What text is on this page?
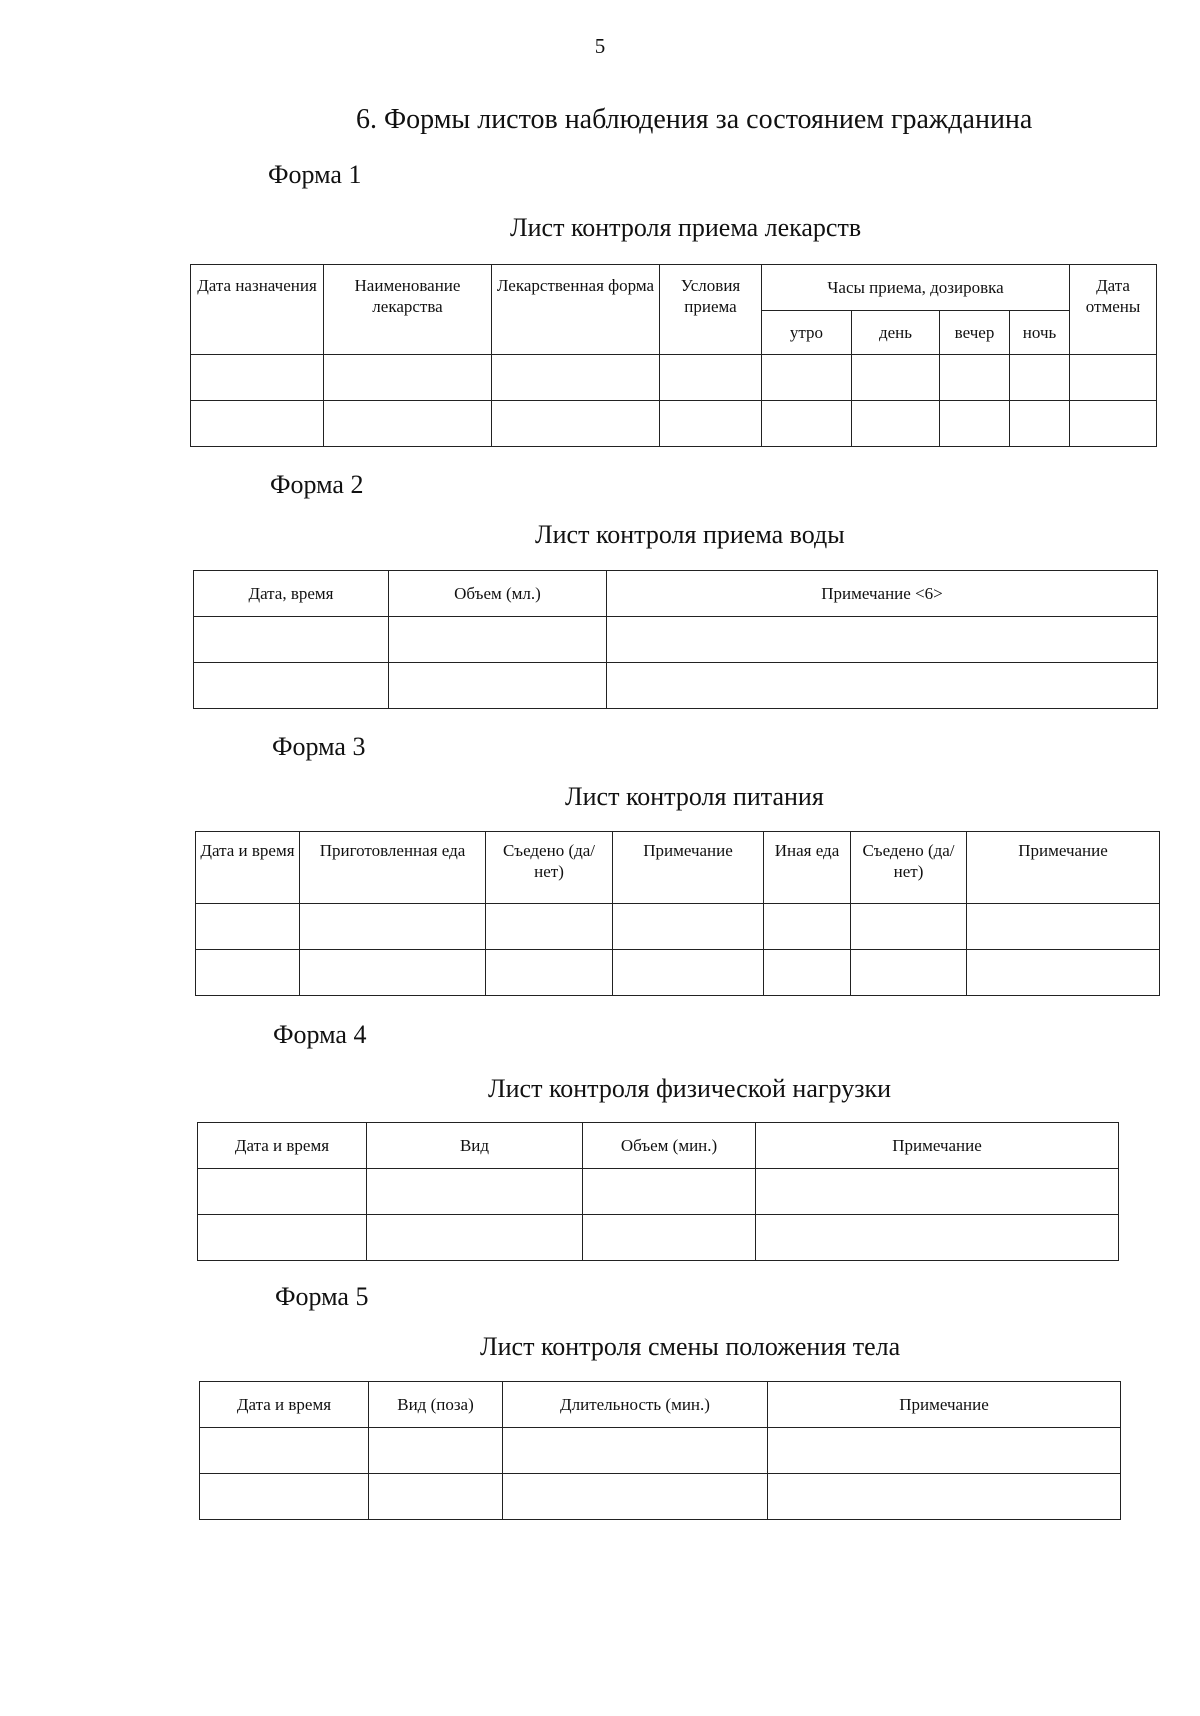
5
6. Формы листов наблюдения за состоянием гражданина
Форма 1
Лист контроля приема лекарств
Дата назначения	Наименование лекарства	Лекарственная форма	Условия приема	Часы приема, дозировка				Дата отмены
				утро	день	вечер	ночь	

Форма 2
Лист контроля приема воды
Дата, время	Объем (мл.)	Примечание <6>

Форма 3
Лист контроля питания
Дата и время	Приготовленная еда	Съедено (да/нет)	Примечание	Иная еда	Съедено (да/нет)	Примечание

Форма 4
Лист контроля физической нагрузки
Дата и время	Вид	Объем (мин.)	Примечание

Форма 5
Лист контроля смены положения тела
Дата и время	Вид (поза)	Длительность (мин.)	Примечание
